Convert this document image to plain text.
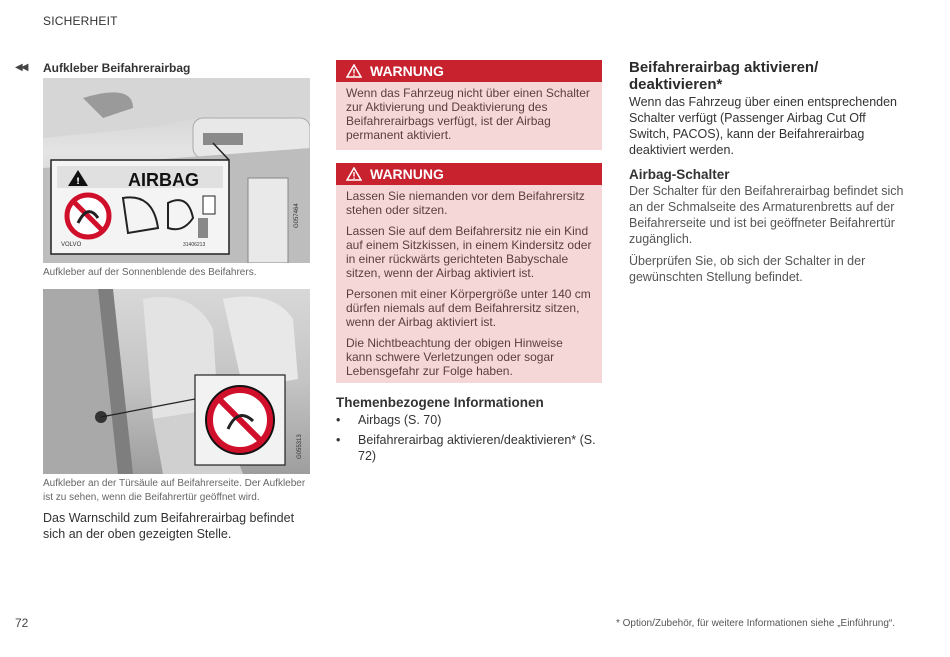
SICHERHEIT
◀◀ Aufkleber Beifahrerairbag
!	AIRBAG
VOLVO	31406213
G057464
Aufkleber auf der Sonnenblende des Beifahrers.
G055313
Aufkleber an der Türsäule auf Beifahrerseite. Der Aufkleber ist zu sehen, wenn die Beifahrertür geöffnet wird.
Das Warnschild zum Beifahrerairbag befindet sich an der oben gezeigten Stelle.
WARNUNG

Wenn das Fahrzeug nicht über einen Schalter zur Aktivierung und Deaktivierung des Beifahrerairbags verfügt, ist der Airbag permanent aktiviert.

WARNUNG

Lassen Sie niemanden vor dem Beifahrersitz stehen oder sitzen.

Lassen Sie auf dem Beifahrersitz nie ein Kind auf einem Sitzkissen, in einem Kindersitz oder in einer rückwärts gerichteten Babyschale sitzen, wenn der Airbag aktiviert ist.

Personen mit einer Körpergröße unter 140 cm dürfen niemals auf dem Beifahrersitz sitzen, wenn der Airbag aktiviert ist.

Die Nichtbeachtung der obigen Hinweise kann schwere Verletzungen oder sogar Lebensgefahr zur Folge haben.

Themenbezogene Informationen
•	Airbags (S. 70)
•	Beifahrerairbag aktivieren/deaktivieren* (S. 72)
Beifahrerairbag aktivieren/ deaktivieren*
Wenn das Fahrzeug über einen entsprechenden Schalter verfügt (Passenger Airbag Cut Off Switch, PACOS), kann der Beifahrerairbag deaktiviert werden.
Airbag-Schalter

Der Schalter für den Beifahrerairbag befindet sich an der Schmalseite des Armaturenbretts auf der Beifahrerseite und ist bei geöffneter Beifahrertür zugänglich.

Überprüfen Sie, ob sich der Schalter in der gewünschten Stellung befindet.

72	* Option/Zubehör, für weitere Informationen siehe „Einführung“.
